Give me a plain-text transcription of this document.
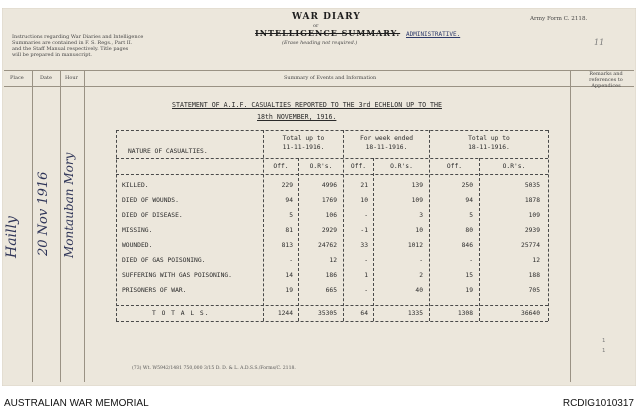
WAR DIARY
or
INTELLIGENCE SUMMARY. ADMINISTRATIVE.
(Erase heading not required.)
Army Form C. 2118.
11
Instructions regarding War Diaries and Intelligence
Summaries are contained in F. S. Regs., Part II.
and the Staff Manual respectively. Title pages
will be prepared in manuscript.
Place	Date	Hour	Summary of Events and Information
Remarks and
references to
Appendices
Hailly 20 Nov 1916 Montauban Mory
STATEMENT OF A.I.F. CASUALTIES REPORTED TO THE 3rd ECHELON UP TO THE
18th NOVEMBER, 1916.
NATURE OF CASUALTIES.
Total up to
11-11-1916.
For week ended
18-11-1916.
Total up to
18-11-1916.
Off.	O.R's.	Off.	O.R's.	Off.	O.R's.
KILLED.	229	4996	21	139	250	5035
DIED OF WOUNDS.	94	1769	10	109	94	1878
DIED OF DISEASE.	5	106	-	3	5	109
MISSING.	81	2929	-1	10	80	2939
WOUNDED.	813	24762	33	1012	846	25774
DIED OF GAS POISONING.	-	12	-	-	-	12
SUFFERING WITH GAS POISONING.	14	186	1	2	15	188
PRISONERS OF WAR.	19	665	-	40	19	705
T O T A L S.	1244	35305	64	1335	1308	36640
(73) Wt. W5942/1481 750,000 3/15 D. D. & L. A.D.S.S./Forms/C. 2118.
1
1
AUSTRALIAN WAR MEMORIAL	RCDIG1010317
